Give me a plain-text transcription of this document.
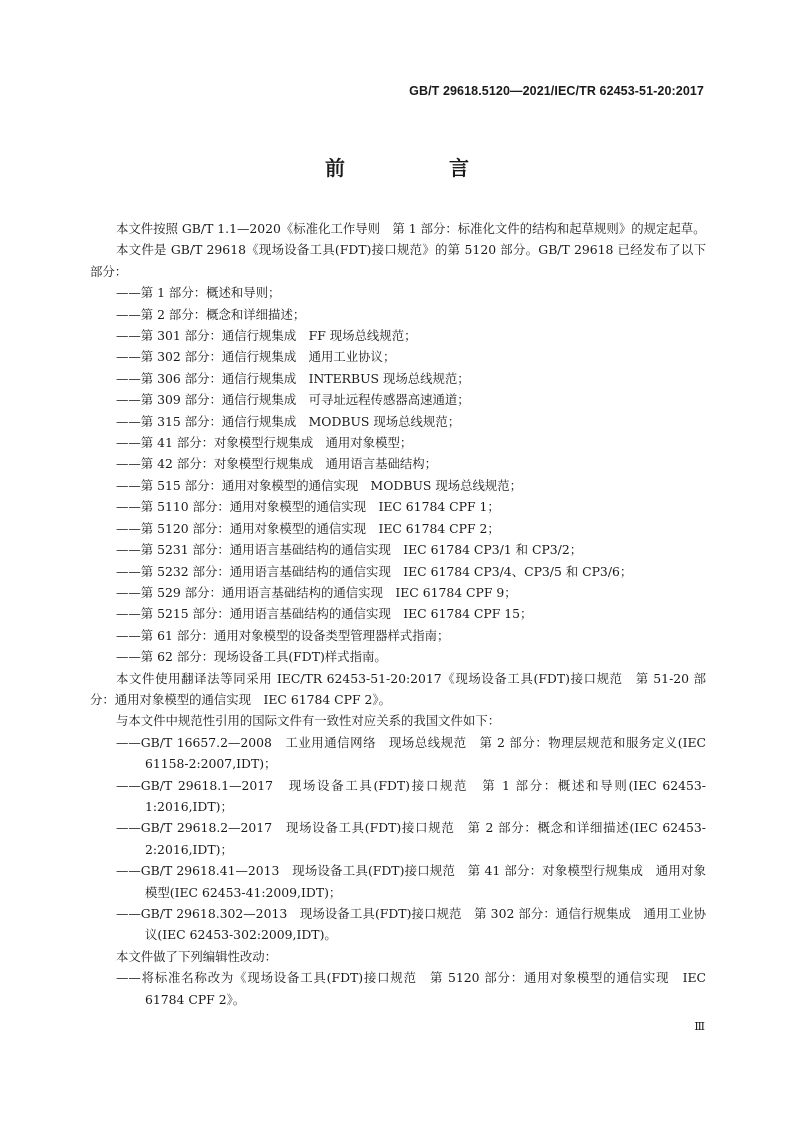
GB/T 29618.5120—2021/IEC/TR 62453-51-20:2017
前　言

本文件按照 GB/T 1.1—2020《标准化工作导则　第 1 部分：标准化文件的结构和起草规则》的规定起草。

本文件是 GB/T 29618《现场设备工具(FDT)接口规范》的第 5120 部分。GB/T 29618 已经发布了以下部分：

——第 1 部分：概述和导则；

——第 2 部分：概念和详细描述；

——第 301 部分：通信行规集成　FF 现场总线规范；

——第 302 部分：通信行规集成　通用工业协议；

——第 306 部分：通信行规集成　INTERBUS 现场总线规范；

——第 309 部分：通信行规集成　可寻址远程传感器高速通道；

——第 315 部分：通信行规集成　MODBUS 现场总线规范；

——第 41 部分：对象模型行规集成　通用对象模型；

——第 42 部分：对象模型行规集成　通用语言基础结构；

——第 515 部分：通用对象模型的通信实现　MODBUS 现场总线规范；

——第 5110 部分：通用对象模型的通信实现　IEC 61784 CPF 1；

——第 5120 部分：通用对象模型的通信实现　IEC 61784 CPF 2；

——第 5231 部分：通用语言基础结构的通信实现　IEC 61784 CP3/1 和 CP3/2；

——第 5232 部分：通用语言基础结构的通信实现　IEC 61784 CP3/4、CP3/5 和 CP3/6；

——第 529 部分：通用语言基础结构的通信实现　IEC 61784 CPF 9；

——第 5215 部分：通用语言基础结构的通信实现　IEC 61784 CPF 15；

——第 61 部分：通用对象模型的设备类型管理器样式指南；

——第 62 部分：现场设备工具(FDT)样式指南。

本文件使用翻译法等同采用 IEC/TR 62453-51-20:2017《现场设备工具(FDT)接口规范　第 51-20 部分：通用对象模型的通信实现　IEC 61784 CPF 2》。

与本文件中规范性引用的国际文件有一致性对应关系的我国文件如下：

——GB/T 16657.2—2008　工业用通信网络　现场总线规范　第 2 部分：物理层规范和服务定义(IEC 61158-2:2007,IDT)；

——GB/T 29618.1—2017　现场设备工具(FDT)接口规范　第 1 部分：概述和导则(IEC 62453-1:2016,IDT)；

——GB/T 29618.2—2017　现场设备工具(FDT)接口规范　第 2 部分：概念和详细描述(IEC 62453-2:2016,IDT)；

——GB/T 29618.41—2013　现场设备工具(FDT)接口规范　第 41 部分：对象模型行规集成　通用对象模型(IEC 62453-41:2009,IDT)；

——GB/T 29618.302—2013　现场设备工具(FDT)接口规范　第 302 部分：通信行规集成　通用工业协议(IEC 62453-302:2009,IDT)。

本文件做了下列编辑性改动：

——将标准名称改为《现场设备工具(FDT)接口规范　第 5120 部分：通用对象模型的通信实现　IEC 61784 CPF 2》。

Ⅲ
